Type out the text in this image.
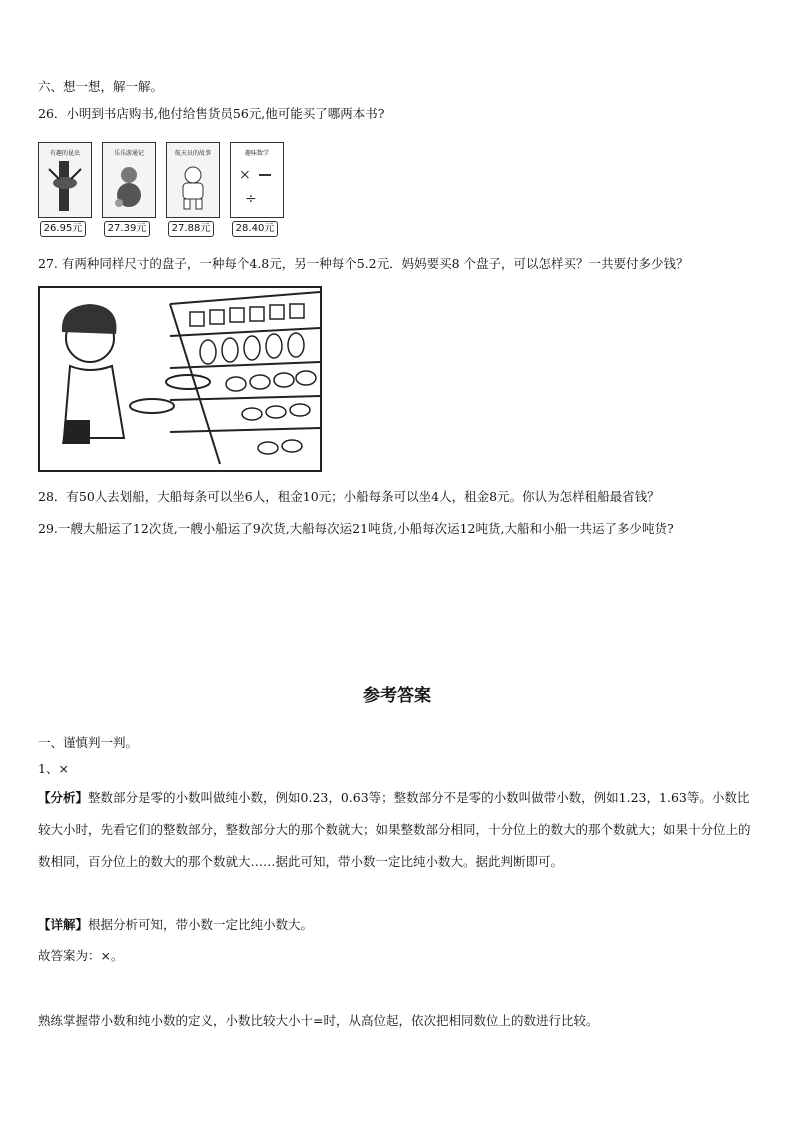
六、想一想，解一解。
26．小明到书店购书,他付给售货员56元,他可能买了哪两本书?
有趣的昆虫
26.95元
乐乐游通记
27.39元
航天员的故事
27.88元
趣味数学
×
÷
28.40元
27. 有两种同样尺寸的盘子，一种每个4.8元，另一种每个5.2元．妈妈要买8 个盘子，可以怎样买？一共要付多少钱？
28．有50人去划船，大船每条可以坐6人，租金10元；小船每条可以坐4人，租金8元。你认为怎样租船最省钱？
29.一艘大船运了12次货,一艘小船运了9次货,大船每次运21吨货,小船每次运12吨货,大船和小船一共运了多少吨货?
参考答案
一、谨慎判一判。
1、×
【分析】整数部分是零的小数叫做纯小数，例如0.23，0.63等；整数部分不是零的小数叫做带小数，例如1.23，1.63等。小数比较大小时，先看它们的整数部分，整数部分大的那个数就大；如果整数部分相同，十分位上的数大的那个数就大；如果十分位上的数相同，百分位上的数大的那个数就大……据此可知，带小数一定比纯小数大。据此判断即可。
【详解】根据分析可知，带小数一定比纯小数大。
故答案为：×。
熟练掌握带小数和纯小数的定义，小数比较大小十=时，从高位起，依次把相同数位上的数进行比较。
